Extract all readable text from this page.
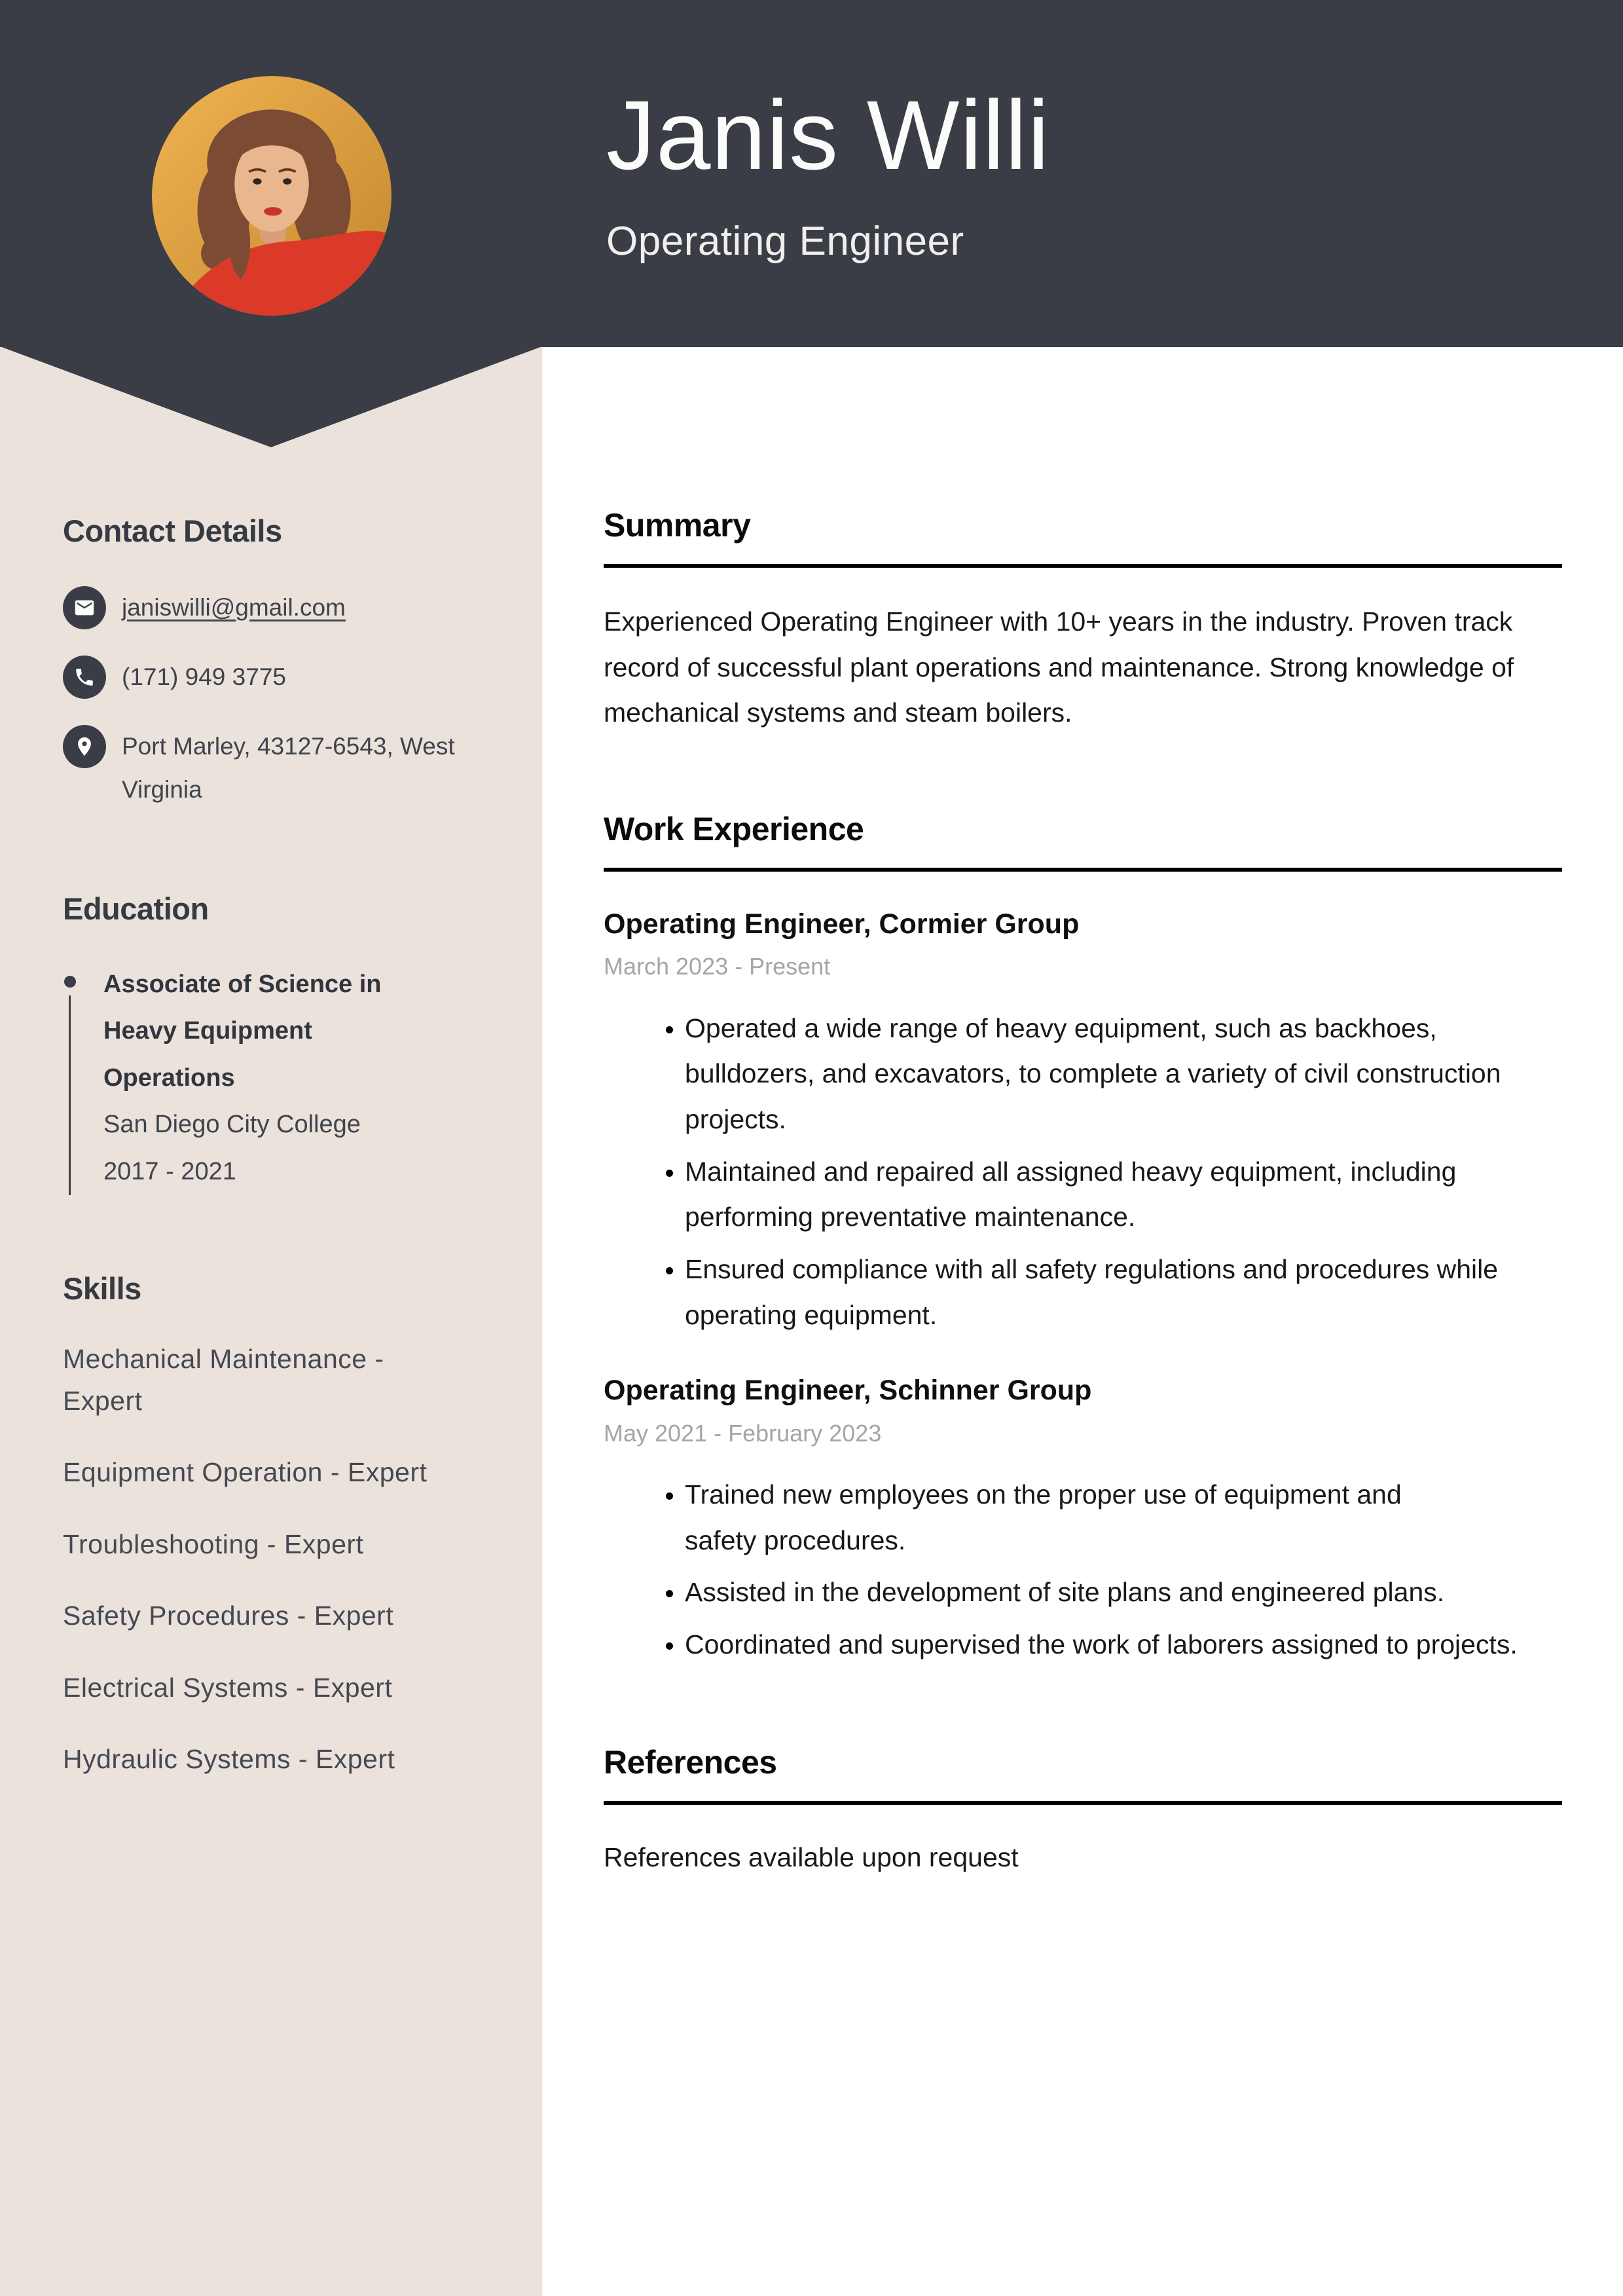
Janis Willi
Operating Engineer
Contact Details
janiswilli@gmail.com
(171) 949 3775
Port Marley, 43127-6543, West Virginia
Education
Associate of Science in Heavy Equipment Operations
San Diego City College
2017 - 2021
Skills
Mechanical Maintenance - Expert
Equipment Operation - Expert
Troubleshooting - Expert
Safety Procedures - Expert
Electrical Systems - Expert
Hydraulic Systems - Expert
Summary

Experienced Operating Engineer with 10+ years in the industry. Proven track record of successful plant operations and maintenance. Strong knowledge of mechanical systems and steam boilers.

Work Experience
Operating Engineer, Cormier Group
March 2023 - Present
• Operated a wide range of heavy equipment, such as backhoes, bulldozers, and excavators, to complete a variety of civil construction projects.
• Maintained and repaired all assigned heavy equipment, including performing preventative maintenance.
• Ensured compliance with all safety regulations and procedures while operating equipment.
Operating Engineer, Schinner Group
May 2021 - February 2023
• Trained new employees on the proper use of equipment and safety procedures.
• Assisted in the development of site plans and engineered plans.
• Coordinated and supervised the work of laborers assigned to projects.
References

References available upon request
